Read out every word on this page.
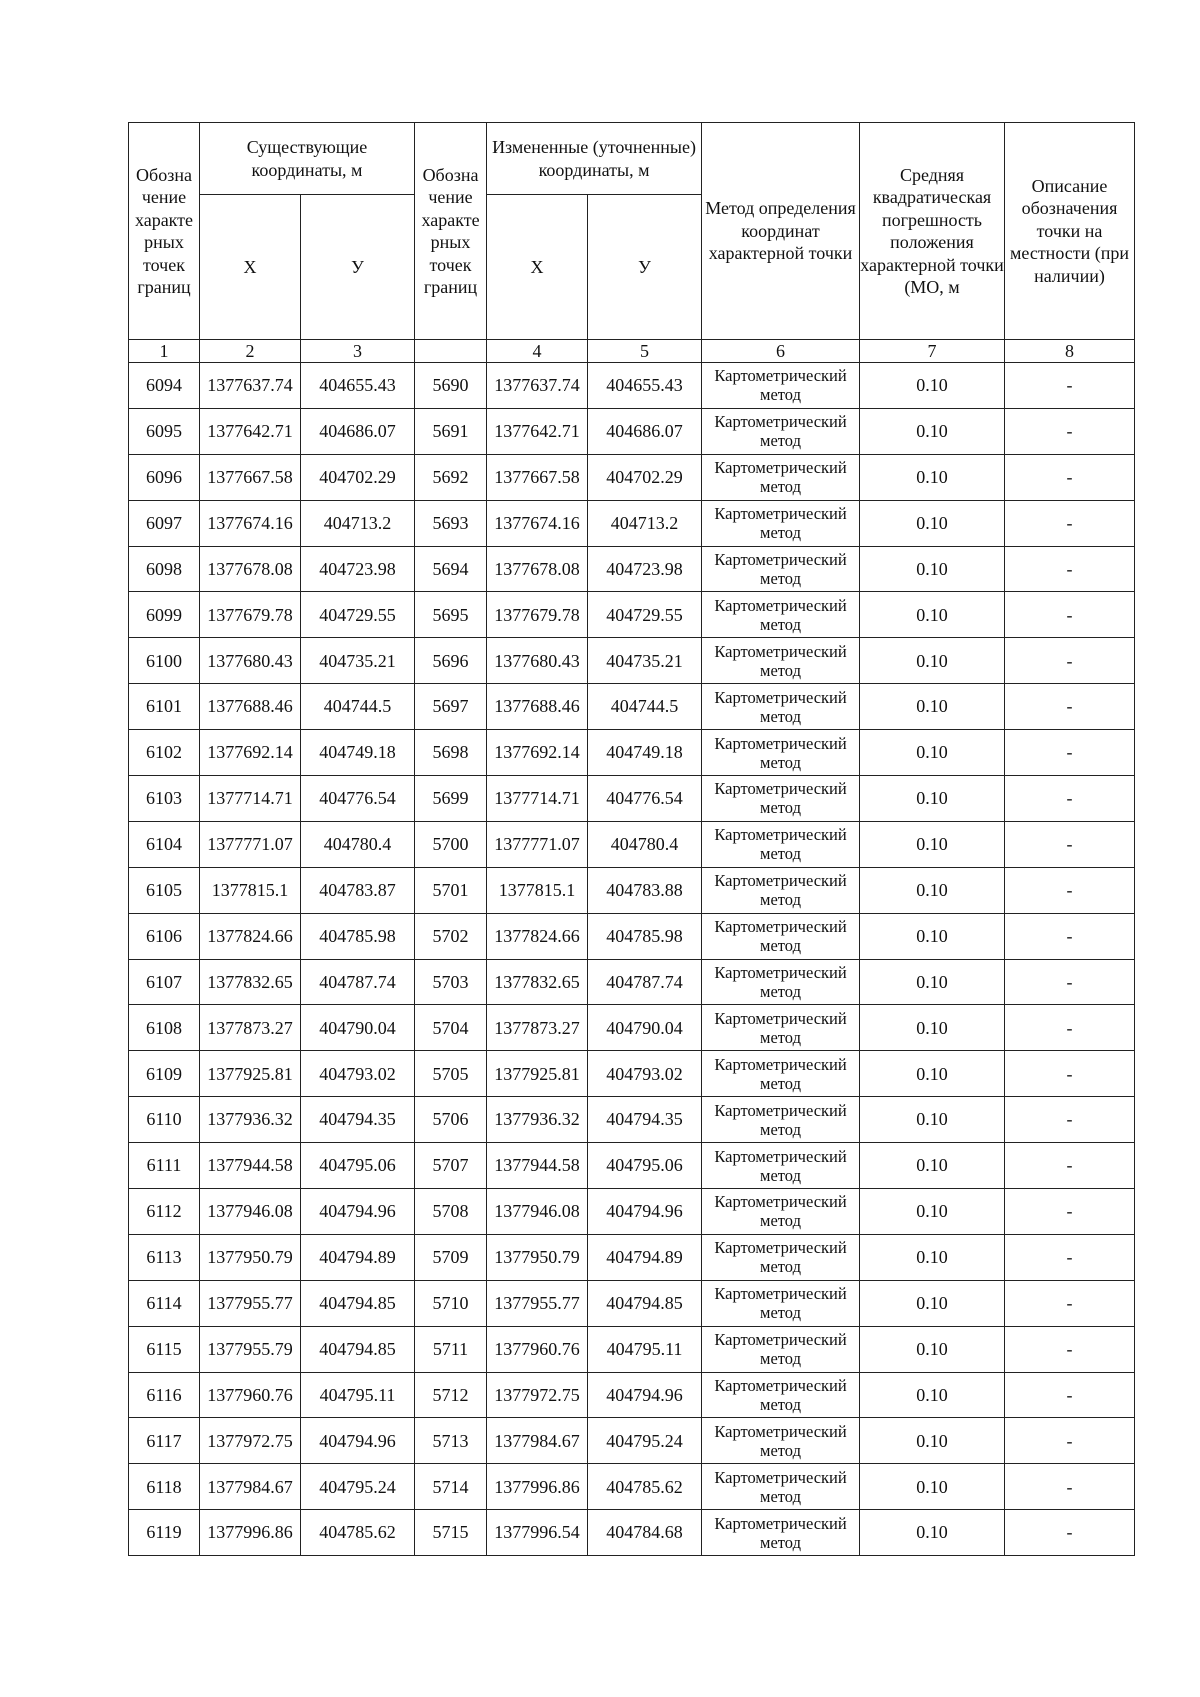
Обозна чение характе рных точек границ	Существующие координаты, м		Обозна чение характе рных точек границ	Измененные (уточненные) координаты, м		Метод определения координат характерной точки	Средняя квадратическая погрешность положения характерной точки (МО, м	Описание обозначения точки на местности (при наличии)
	Х	У		Х	У			
1	2	3		4	5	6	7	8
6094	1377637.74	404655.43	5690	1377637.74	404655.43	Картометрический метод	0.10	-
6095	1377642.71	404686.07	5691	1377642.71	404686.07	Картометрический метод	0.10	-
6096	1377667.58	404702.29	5692	1377667.58	404702.29	Картометрический метод	0.10	-
6097	1377674.16	404713.2	5693	1377674.16	404713.2	Картометрический метод	0.10	-
6098	1377678.08	404723.98	5694	1377678.08	404723.98	Картометрический метод	0.10	-
6099	1377679.78	404729.55	5695	1377679.78	404729.55	Картометрический метод	0.10	-
6100	1377680.43	404735.21	5696	1377680.43	404735.21	Картометрический метод	0.10	-
6101	1377688.46	404744.5	5697	1377688.46	404744.5	Картометрический метод	0.10	-
6102	1377692.14	404749.18	5698	1377692.14	404749.18	Картометрический метод	0.10	-
6103	1377714.71	404776.54	5699	1377714.71	404776.54	Картометрический метод	0.10	-
6104	1377771.07	404780.4	5700	1377771.07	404780.4	Картометрический метод	0.10	-
6105	1377815.1	404783.87	5701	1377815.1	404783.88	Картометрический метод	0.10	-
6106	1377824.66	404785.98	5702	1377824.66	404785.98	Картометрический метод	0.10	-
6107	1377832.65	404787.74	5703	1377832.65	404787.74	Картометрический метод	0.10	-
6108	1377873.27	404790.04	5704	1377873.27	404790.04	Картометрический метод	0.10	-
6109	1377925.81	404793.02	5705	1377925.81	404793.02	Картометрический метод	0.10	-
6110	1377936.32	404794.35	5706	1377936.32	404794.35	Картометрический метод	0.10	-
6111	1377944.58	404795.06	5707	1377944.58	404795.06	Картометрический метод	0.10	-
6112	1377946.08	404794.96	5708	1377946.08	404794.96	Картометрический метод	0.10	-
6113	1377950.79	404794.89	5709	1377950.79	404794.89	Картометрический метод	0.10	-
6114	1377955.77	404794.85	5710	1377955.77	404794.85	Картометрический метод	0.10	-
6115	1377955.79	404794.85	5711	1377960.76	404795.11	Картометрический метод	0.10	-
6116	1377960.76	404795.11	5712	1377972.75	404794.96	Картометрический метод	0.10	-
6117	1377972.75	404794.96	5713	1377984.67	404795.24	Картометрический метод	0.10	-
6118	1377984.67	404795.24	5714	1377996.86	404785.62	Картометрический метод	0.10	-
6119	1377996.86	404785.62	5715	1377996.54	404784.68	Картометрический метод	0.10	-
